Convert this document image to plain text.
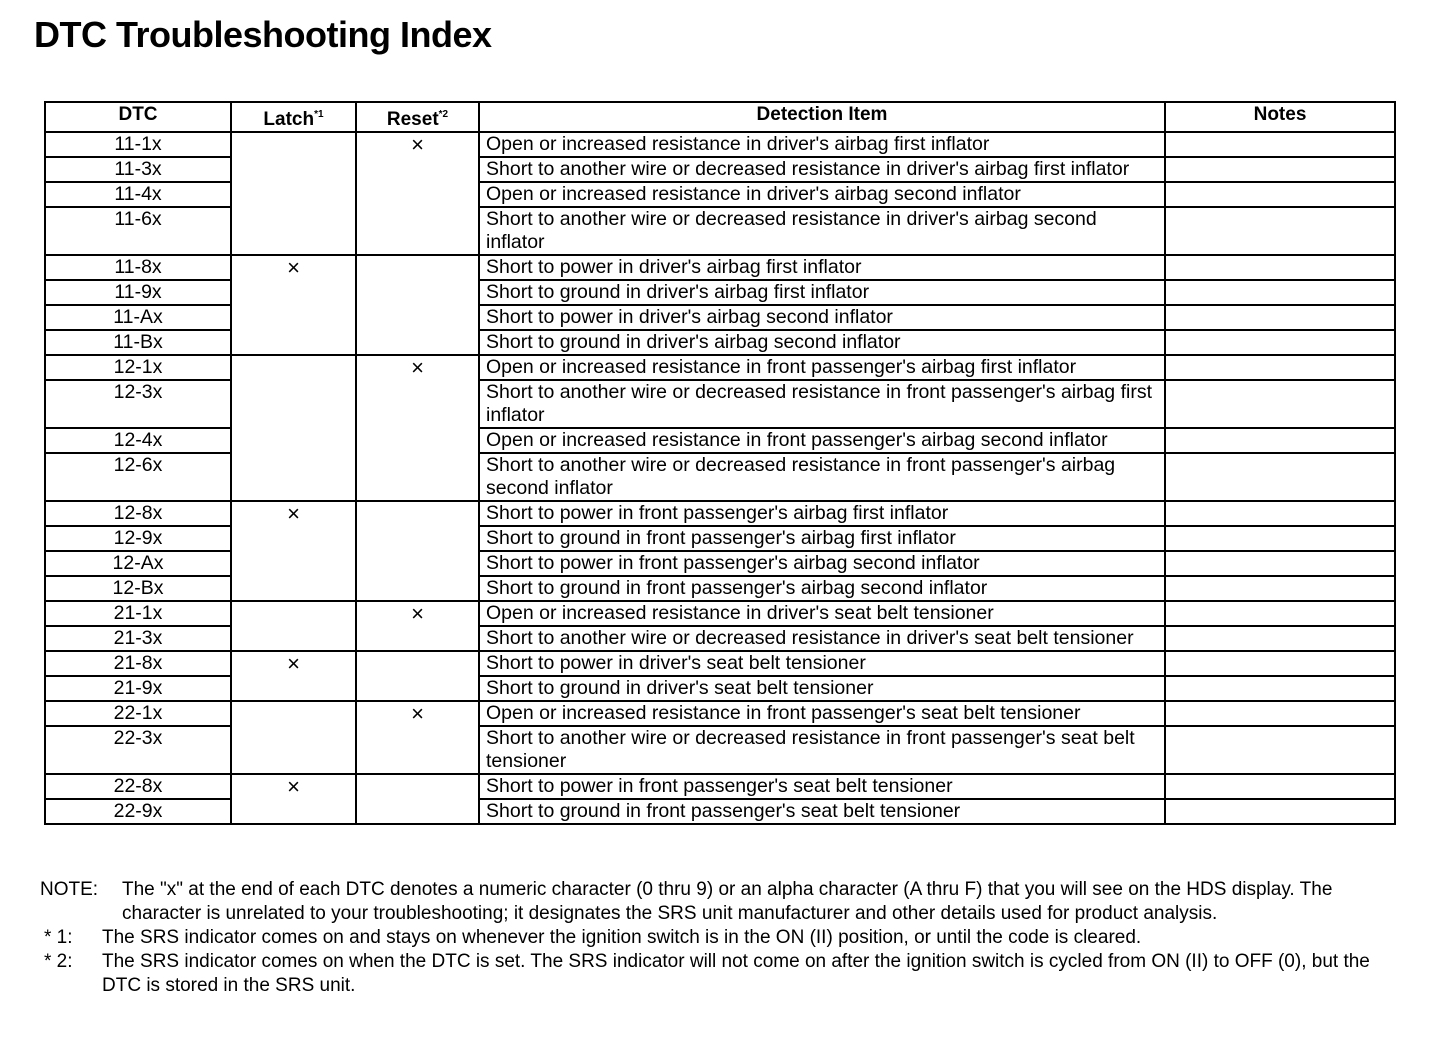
DTC Troubleshooting Index
DTC	Latch$^{*1}$	Reset$^{*2}$	Detection Item	Notes
11-1x		×	Open or increased resistance in driver's airbag first inflator	
11-3x			Short to another wire or decreased resistance in driver's airbag first inflator	
11-4x			Open or increased resistance in driver's airbag second inflator	
11-6x			Short to another wire or decreased resistance in driver's airbag second inflator	
11-8x	×		Short to power in driver's airbag first inflator	
11-9x			Short to ground in driver's airbag first inflator	
11-Ax			Short to power in driver's airbag second inflator	
11-Bx			Short to ground in driver's airbag second inflator	
12-1x		×	Open or increased resistance in front passenger's airbag first inflator	
12-3x			Short to another wire or decreased resistance in front passenger's airbag first inflator	
12-4x			Open or increased resistance in front passenger's airbag second inflator	
12-6x			Short to another wire or decreased resistance in front passenger's airbag second inflator	
12-8x	×		Short to power in front passenger's airbag first inflator	
12-9x			Short to ground in front passenger's airbag first inflator	
12-Ax			Short to power in front passenger's airbag second inflator	
12-Bx			Short to ground in front passenger's airbag second inflator	
21-1x		×	Open or increased resistance in driver's seat belt tensioner	
21-3x			Short to another wire or decreased resistance in driver's seat belt tensioner	
21-8x	×		Short to power in driver's seat belt tensioner	
21-9x			Short to ground in driver's seat belt tensioner	
22-1x		×	Open or increased resistance in front passenger's seat belt tensioner	
22-3x			Short to another wire or decreased resistance in front passenger's seat belt tensioner	
22-8x	×		Short to power in front passenger's seat belt tensioner	
22-9x			Short to ground in front passenger's seat belt tensioner	
NOTE:	The "x" at the end of each DTC denotes a numeric character (0 thru 9) or an alpha character (A thru F) that you will see on the HDS display. The character is unrelated to your troubleshooting; it designates the SRS unit manufacturer and other details used for product analysis.
* 1:	The SRS indicator comes on and stays on whenever the ignition switch is in the ON (II) position, or until the code is cleared.
* 2:	The SRS indicator comes on when the DTC is set. The SRS indicator will not come on after the ignition switch is cycled from ON (II) to OFF (0), but the DTC is stored in the SRS unit.
